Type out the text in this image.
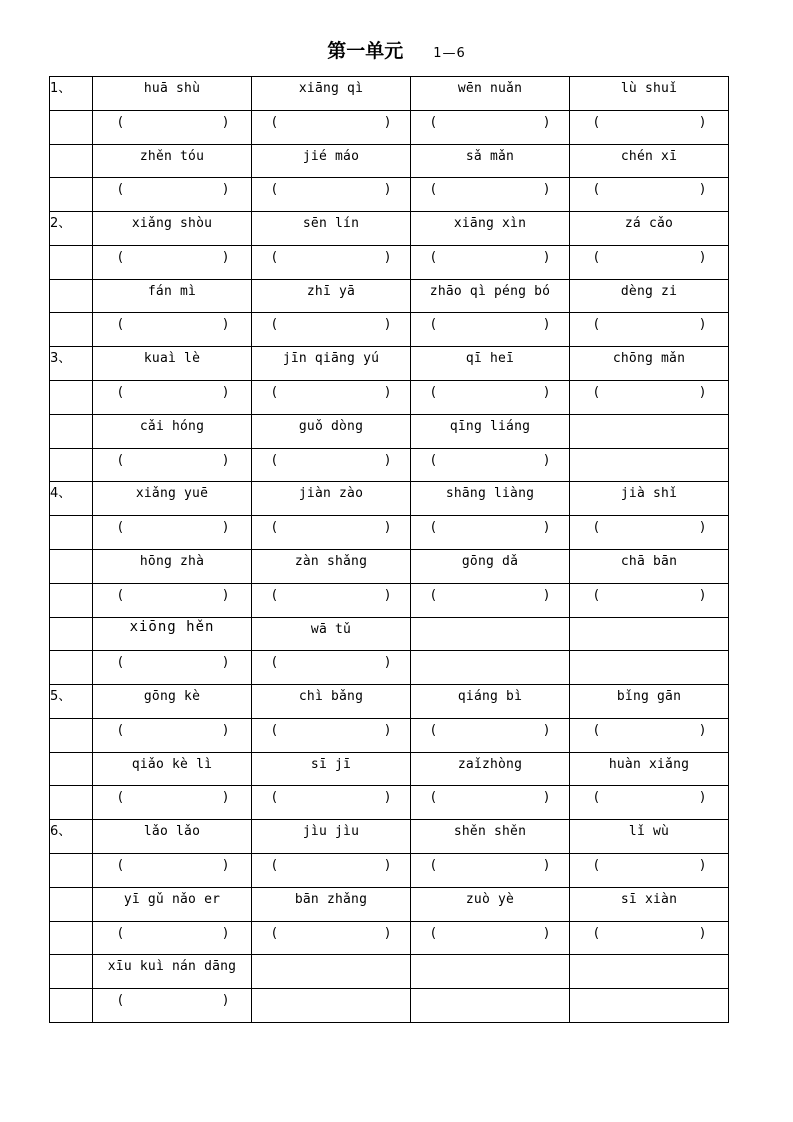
第一单元 1—6
1、	huā shù	xiāng qì	wēn nuǎn	lù shuǐ
	( )	( )	( )	( )

	zhěn tóu	jié máo	sǎ mǎn	chén xī
	( )	( )	( )	( )

2、	xiǎng shòu	sēn lín	xiāng xìn	zá cǎo
	( )	( )	( )	( )

	fán mì	zhī yā	zhāo qì péng bó	dèng zi
	( )	( )	( )	( )

3、	kuaì lè	jīn qiāng yú	qī heī	chōng mǎn
	( )	( )	( )	( )

	cǎi hóng	guǒ dòng	qīng liáng	
	( )	( )	( )	

4、	xiǎng yuē	jiàn zào	shāng liàng	jià shǐ
	( )	( )	( )	( )

	hōng zhà	zàn shǎng	gōng dǎ	chā bān
	( )	( )	( )	( )

	xiōng hěn	wā tǔ		
	( )	( )		

5、	gōng kè	chì bǎng	qiáng bì	bǐng gān
	( )	( )	( )	( )

	qiǎo kè lì	sī jī	zaǐzhòng	huàn xiǎng
	( )	( )	( )	( )

6、	lǎo lǎo	jìu jìu	shěn shěn	lǐ wù
	( )	( )	( )	( )

	yī gǔ nǎo er	bān zhǎng	zuò yè	sī xiàn
	( )	( )	( )	( )

	xīu kuì nán dāng			
	( )			
